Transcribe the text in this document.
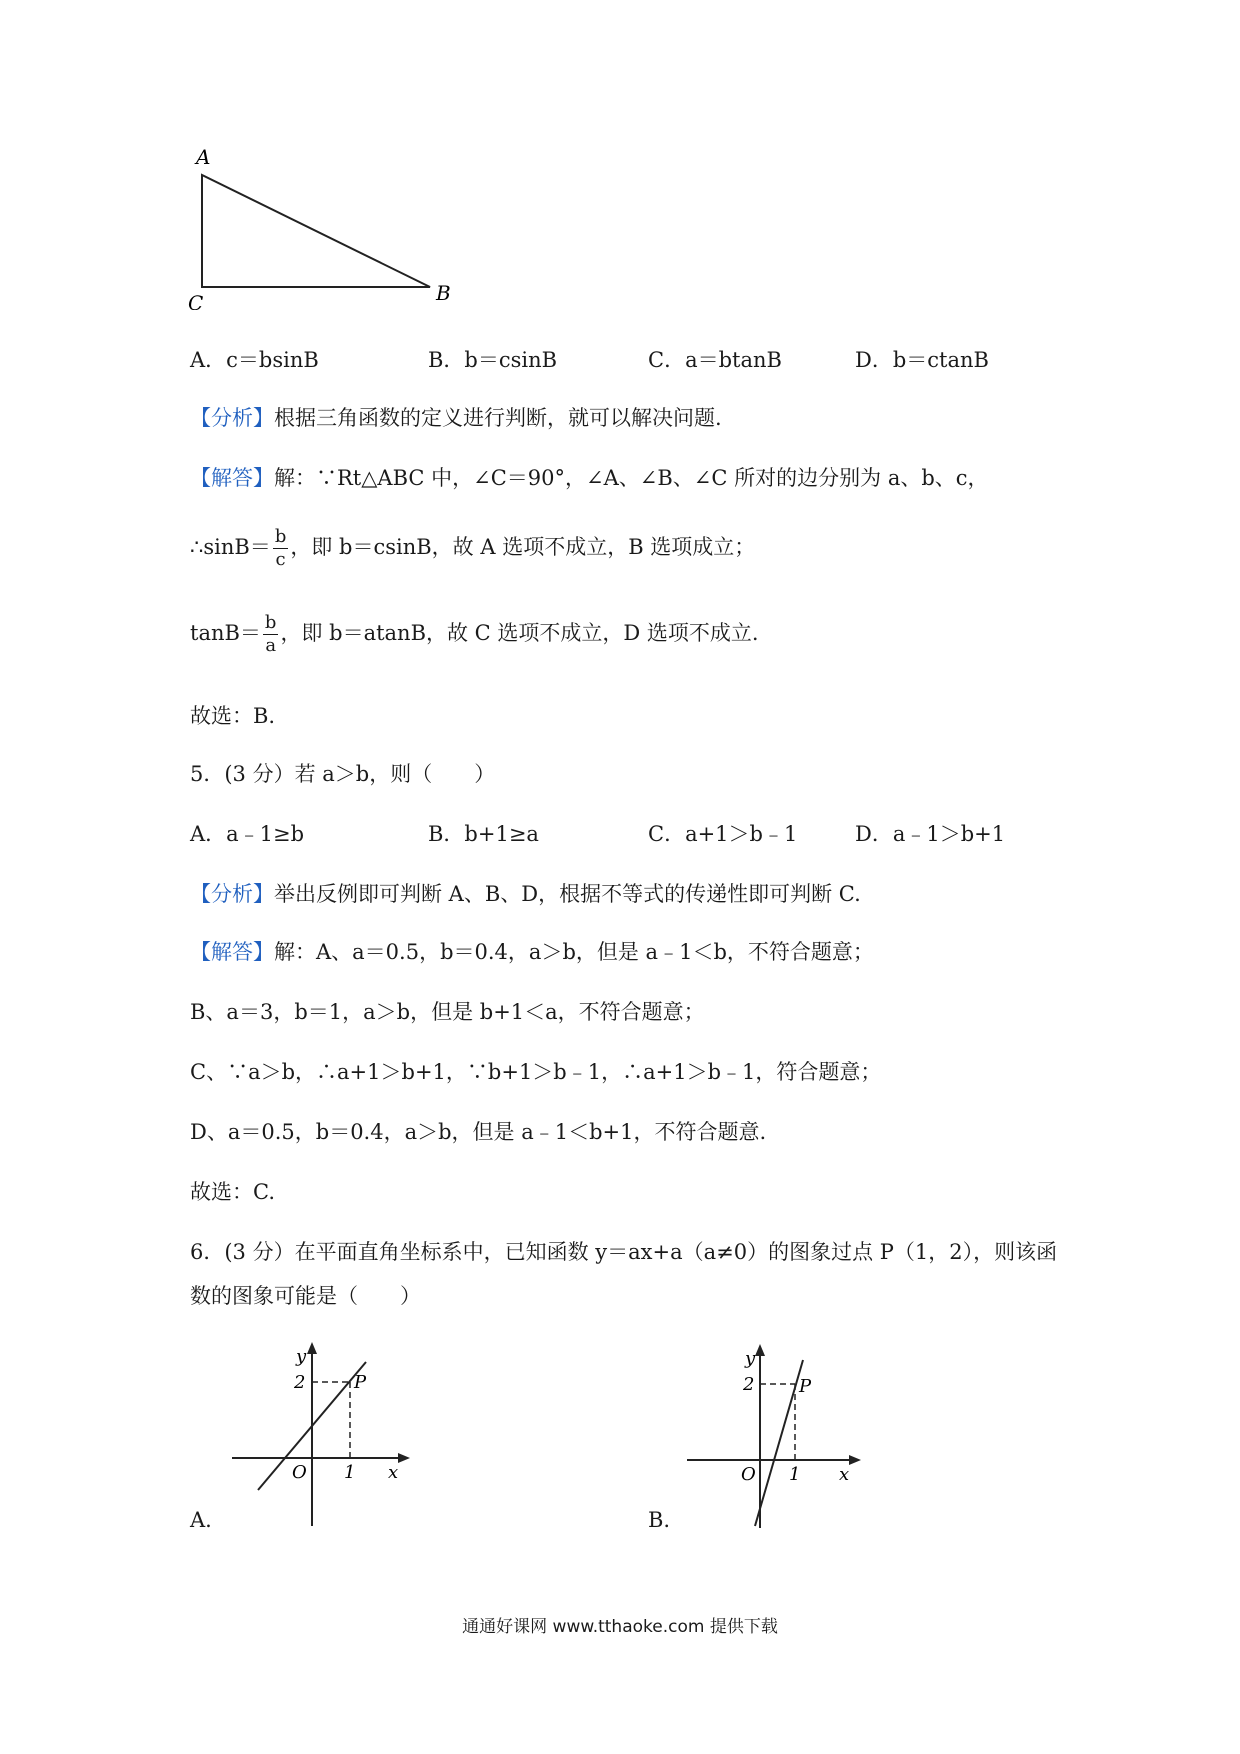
A
C	B
A．c＝bsinB	B．b＝csinB	C．a＝btanB	D．b＝ctanB
【分析】根据三角函数的定义进行判断，就可以解决问题.
【解答】解：∵Rt△ABC 中，∠C＝90°，∠A、∠B、∠C 所对的边分别为 a、b、c，
∴sinB＝ $\frac{b}{c}$ ，即 b＝csinB，故 A 选项不成立，B 选项成立；
$\tan B= \frac{b}{a}$ ，即 b＝atanB，故 C 选项不成立，D 选项不成立.
故选：B.
5．(3 分）若 a＞b，则（　　）
A．a﹣1≥b	B．b+1≥a	C．a+1＞b﹣1	D．a﹣1＞b+1
【分析】举出反例即可判断 A、B、D，根据不等式的传递性即可判断 C.
【解答】解：A、a＝0.5，b＝0.4，a＞b，但是 a﹣1＜b，不符合题意；
B、a＝3，b＝1，a＞b，但是 b+1＜a，不符合题意；
C、∵a＞b，∴a+1＞b+1，∵b+1＞b﹣1，∴a+1＞b﹣1，符合题意；
D、a＝0.5，b＝0.4，a＞b，但是 a﹣1＜b+1，不符合题意.
故选：C.
6．(3 分）在平面直角坐标系中，已知函数 y＝ax+a（a≠0）的图象过点 P（1，2），则该函
数的图象可能是（　　）
y
2	P
O 1 x
A.
y
2 P
O 1 x
B.
通通好课网 www.tthaoke.com 提供下载
